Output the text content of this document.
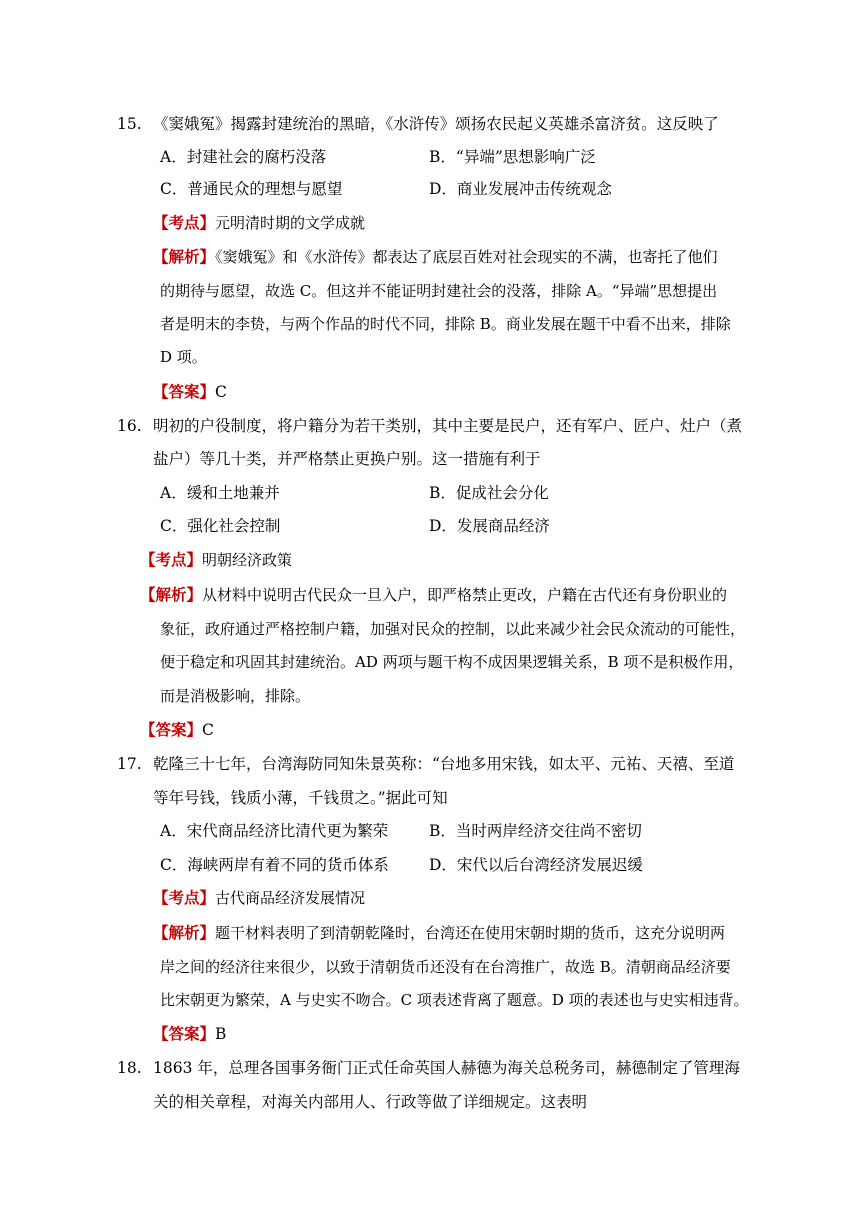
15. 《窦娥冤》揭露封建统治的黑暗，《水浒传》颂扬农民起义英雄杀富济贫。这反映了
A．封建社会的腐朽没落	B．“异端”思想影响广泛
C．普通民众的理想与愿望	D．商业发展冲击传统观念
【考点】元明清时期的文学成就
【解析】《窦娥冤》和《水浒传》都表达了底层百姓对社会现实的不满，也寄托了他们
的期待与愿望，故选 C。但这并不能证明封建社会的没落，排除 A。“异端”思想提出
者是明末的李贽，与两个作品的时代不同，排除 B。商业发展在题干中看不出来，排除
D 项。
【答案】C
16. 明初的户役制度，将户籍分为若干类别，其中主要是民户，还有军户、匠户、灶户（煮
盐户）等几十类，并严格禁止更换户别。这一措施有利于
A．缓和土地兼并	B．促成社会分化
C．强化社会控制	D．发展商品经济
【考点】明朝经济政策
【解析】从材料中说明古代民众一旦入户，即严格禁止更改，户籍在古代还有身份职业的
象征，政府通过严格控制户籍，加强对民众的控制，以此来减少社会民众流动的可能性，
便于稳定和巩固其封建统治。AD 两项与题干构不成因果逻辑关系，B 项不是积极作用，
而是消极影响，排除。
【答案】C
17. 乾隆三十七年，台湾海防同知朱景英称：“台地多用宋钱，如太平、元祐、天禧、至道
等年号钱，钱质小薄，千钱贯之。”据此可知
A．宋代商品经济比清代更为繁荣	B．当时两岸经济交往尚不密切
C．海峡两岸有着不同的货币体系	D．宋代以后台湾经济发展迟缓
【考点】古代商品经济发展情况
【解析】题干材料表明了到清朝乾隆时，台湾还在使用宋朝时期的货币，这充分说明两
岸之间的经济往来很少，以致于清朝货币还没有在台湾推广，故选 B。清朝商品经济要
比宋朝更为繁荣，A 与史实不吻合。C 项表述背离了题意。D 项的表述也与史实相违背。
【答案】B
18. 1863 年，总理各国事务衙门正式任命英国人赫德为海关总税务司，赫德制定了管理海
关的相关章程，对海关内部用人、行政等做了详细规定。这表明
